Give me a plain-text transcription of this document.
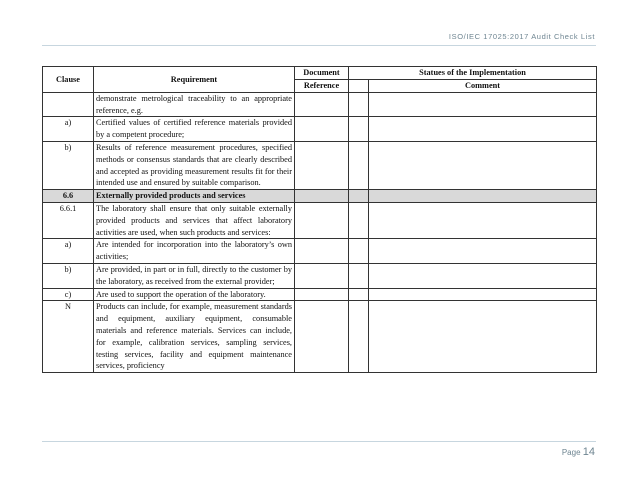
ISO/IEC 17025:2017 Audit Check List
Clause	Requirement	Document	Statues of the Implementation	
		Reference		Comment
	demonstrate metrological traceability to an appropriate reference, e.g.			
a)	Certified values of certified reference materials provided by a competent procedure;			
b)	Results of reference measurement procedures, specified methods or consensus standards that are clearly described and accepted as providing measurement results fit for their intended use and ensured by suitable comparison.			
6.6	Externally provided products and services			
6.6.1	The laboratory shall ensure that only suitable externally provided products and services that affect laboratory activities are used, when such products and services:			
a)	Are intended for incorporation into the laboratory’s own activities;			
b)	Are provided, in part or in full, directly to the customer by the laboratory, as received from the external provider;			
c)	Are used to support the operation of the laboratory.			
N	Products can include, for example, measurement standards and equipment, auxiliary equipment, consumable materials and reference materials. Services can include, for example, calibration services, sampling services, testing services, facility and equipment maintenance services, proficiency			
Page 14
